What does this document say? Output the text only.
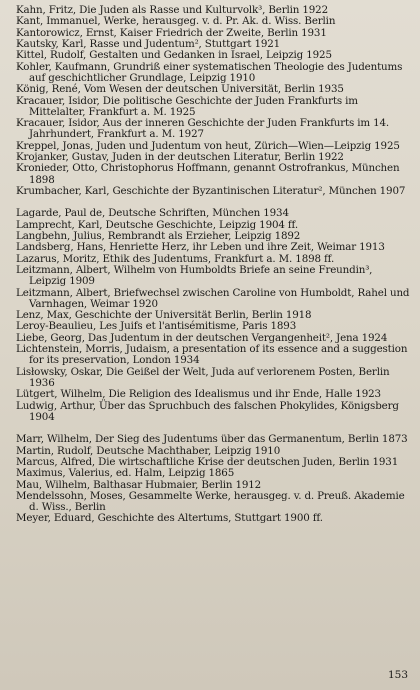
Kahn, Fritz, Die Juden als Rasse und Kulturvolk³, Berlin 1922

Kant, Immanuel, Werke, herausgeg. v. d. Pr. Ak. d. Wiss. Berlin

Kantorowicz, Ernst, Kaiser Friedrich der Zweite, Berlin 1931

Kautsky, Karl, Rasse und Judentum², Stuttgart 1921

Kittel, Rudolf, Gestalten und Gedanken in Israel, Leipzig 1925

Kohler, Kaufmann, Grundriß einer systematischen Theologie des Judentums auf geschichtlicher Grundlage, Leipzig 1910

König, René, Vom Wesen der deutschen Universität, Berlin 1935

Kracauer, Isidor, Die politische Geschichte der Juden Frankfurts im Mittelalter, Frankfurt a. M. 1925

Kracauer, Isidor, Aus der inneren Geschichte der Juden Frankfurts im 14. Jahrhundert, Frankfurt a. M. 1927

Kreppel, Jonas, Juden und Judentum von heut, Zürich—Wien—Leipzig 1925

Krojanker, Gustav, Juden in der deutschen Literatur, Berlin 1922

Kronieder, Otto, Christophorus Hoffmann, genannt Ostrofrankus, München 1898

Krumbacher, Karl, Geschichte der Byzantinischen Literatur², München 1907

Lagarde, Paul de, Deutsche Schriften, München 1934

Lamprecht, Karl, Deutsche Geschichte, Leipzig 1904 ff.

Langbehn, Julius, Rembrandt als Erzieher, Leipzig 1892

Landsberg, Hans, Henriette Herz, ihr Leben und ihre Zeit, Weimar 1913

Lazarus, Moritz, Ethik des Judentums, Frankfurt a. M. 1898 ff.

Leitzmann, Albert, Wilhelm von Humboldts Briefe an seine Freundin³, Leipzig 1909

Leitzmann, Albert, Briefwechsel zwischen Caroline von Humboldt, Rahel und Varnhagen, Weimar 1920

Lenz, Max, Geschichte der Universität Berlin, Berlin 1918

Leroy-Beaulieu, Les Juifs et l'antisémitisme, Paris 1893

Liebe, Georg, Das Judentum in der deutschen Vergangenheit², Jena 1924

Lichtenstein, Morris, Judaism, a presentation of its essence and a suggestion for its preservation, London 1934

Lisłowsky, Oskar, Die Geißel der Welt, Juda auf verlorenem Posten, Berlin 1936

Lütgert, Wilhelm, Die Religion des Idealismus und ihr Ende, Halle 1923

Ludwig, Arthur, Über das Spruchbuch des falschen Phokylides, Königsberg 1904

Marr, Wilhelm, Der Sieg des Judentums über das Germanentum, Berlin 1873

Martin, Rudolf, Deutsche Machthaber, Leipzig 1910

Marcus, Alfred, Die wirtschaftliche Krise der deutschen Juden, Berlin 1931

Maximus, Valerius, ed. Halm, Leipzig 1865

Mau, Wilhelm, Balthasar Hubmaier, Berlin 1912

Mendelssohn, Moses, Gesammelte Werke, herausgeg. v. d. Preuß. Akademie d. Wiss., Berlin

Meyer, Eduard, Geschichte des Altertums, Stuttgart 1900 ff.

153
